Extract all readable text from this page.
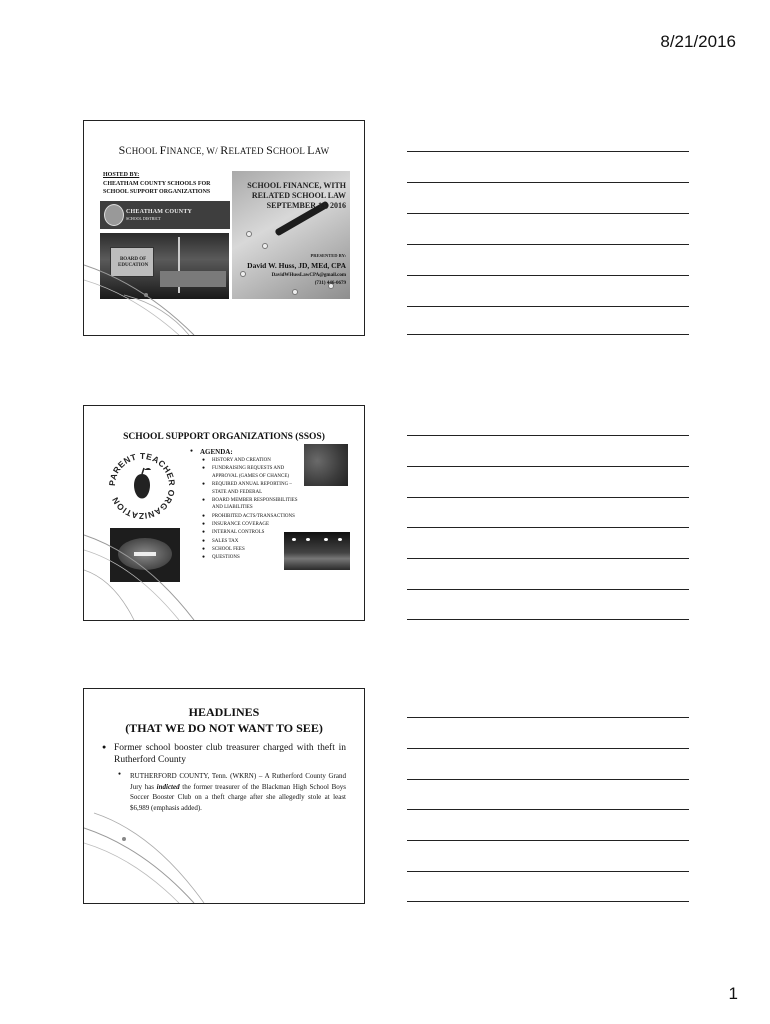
8/21/2016
SCHOOL FINANCE, W/ RELATED SCHOOL LAW
HOSTED BY:
CHEATHAM COUNTY SCHOOLS FOR
SCHOOL SUPPORT ORGANIZATIONS
CHEATHAM COUNTY
SCHOOL DISTRICT
BOARD OF
EDUCATION
SCHOOL FINANCE, WITH
RELATED SCHOOL LAW
SEPTEMBER 13, 2016
PRESENTED BY:
David W. Huss, JD, MEd, CPA
DavidWHussLawCPA@gmail.com
(731) 446-0679
SCHOOL SUPPORT ORGANIZATIONS (SSOS)
● AGENDA:
● HISTORY AND CREATION
● FUNDRAISING REQUESTS AND APPROVAL (GAMES OF CHANCE)
● REQUIRED ANNUAL REPORTING – STATE AND FEDERAL
● BOARD MEMBER RESPONSIBILITIES AND LIABILITIES
● PROHIBITED ACTS/TRANSACTIONS
● INSURANCE COVERAGE
● INTERNAL CONTROLS
● SALES TAX
● SCHOOL FEES
● QUESTIONS
PARENT TEACHER ORGANIZATION
HEADLINES
(THAT WE DO NOT WANT TO SEE)
● Former school booster club treasurer charged with theft in Rutherford County
● RUTHERFORD COUNTY, Tenn. (WKRN) – A Rutherford County Grand Jury has indicted the former treasurer of the Blackman High School Boys Soccer Booster Club on a theft charge after she allegedly stole at least $6,989 (emphasis added).
1
